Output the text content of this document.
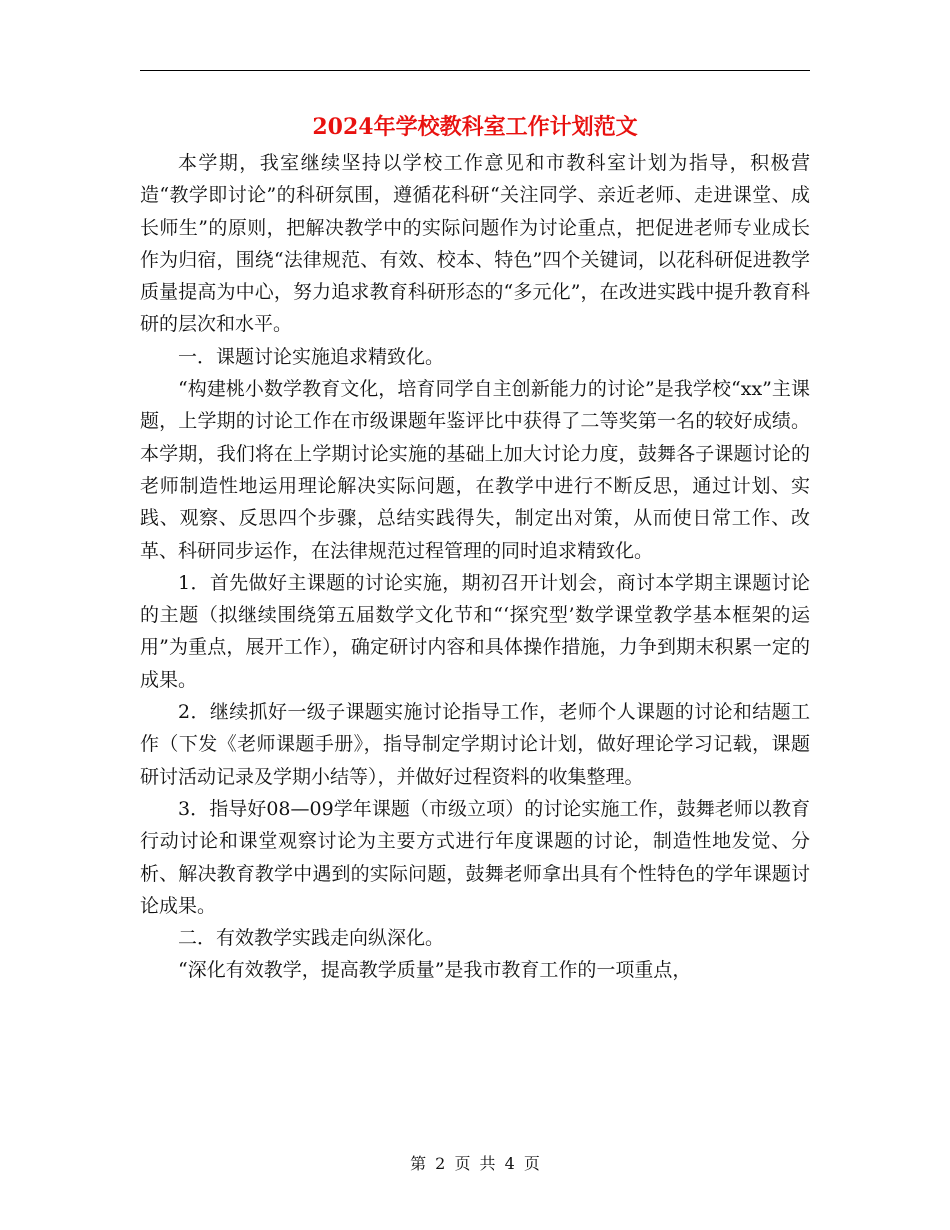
2024年学校教科室工作计划范文

本学期，我室继续坚持以学校工作意见和市教科室计划为指导，积极营造“教学即讨论”的科研氛围，遵循花科研“关注同学、亲近老师、走进课堂、成长师生”的原则，把解决教学中的实际问题作为讨论重点，把促进老师专业成长作为归宿，围绕“法律规范、有效、校本、特色”四个关键词，以花科研促进教学质量提高为中心，努力追求教育科研形态的“多元化”，在改进实践中提升教育科研的层次和水平。

一．课题讨论实施追求精致化。

“构建桃小数学教育文化，培育同学自主创新能力的讨论”是我学校“xx”主课题，上学期的讨论工作在市级课题年鉴评比中获得了二等奖第一名的较好成绩。本学期，我们将在上学期讨论实施的基础上加大讨论力度，鼓舞各子课题讨论的老师制造性地运用理论解决实际问题，在教学中进行不断反思，通过计划、实践、观察、反思四个步骤，总结实践得失，制定出对策，从而使日常工作、改革、科研同步运作，在法律规范过程管理的同时追求精致化。

1．首先做好主课题的讨论实施，期初召开计划会，商讨本学期主课题讨论的主题（拟继续围绕第五届数学文化节和“‘探究型’数学课堂教学基本框架的运用”为重点，展开工作），确定研讨内容和具体操作措施，力争到期末积累一定的成果。

2．继续抓好一级子课题实施讨论指导工作，老师个人课题的讨论和结题工作（下发《老师课题手册》，指导制定学期讨论计划，做好理论学习记载，课题研讨活动记录及学期小结等），并做好过程资料的收集整理。

3．指导好08—09学年课题（市级立项）的讨论实施工作，鼓舞老师以教育行动讨论和课堂观察讨论为主要方式进行年度课题的讨论，制造性地发觉、分析、解决教育教学中遇到的实际问题，鼓舞老师拿出具有个性特色的学年课题讨论成果。

二．有效教学实践走向纵深化。

“深化有效教学，提高教学质量”是我市教育工作的一项重点，

第 2 页 共 4 页
